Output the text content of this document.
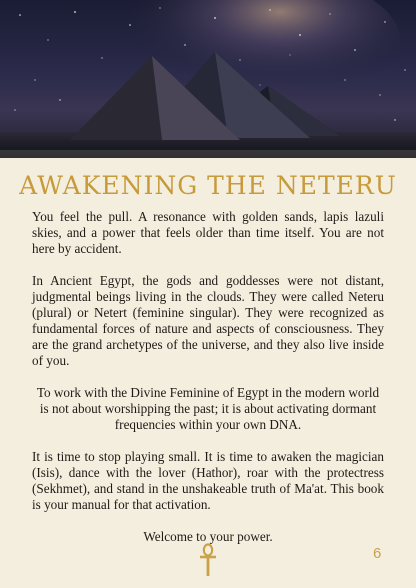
AWAKENING THE NETERU

You feel the pull. A resonance with golden sands, lapis lazuli skies, and a power that feels older than time itself. You are not here by accident.

In Ancient Egypt, the gods and goddesses were not distant, judgmental beings living in the clouds. They were called Neteru (plural) or Netert (feminine singular). They were recognized as fundamental forces of nature and aspects of consciousness. They are the grand archetypes of the universe, and they also live inside of you.

To work with the Divine Feminine of Egypt in the modern world is not about worshipping the past; it is about activating dormant frequencies within your own DNA.

It is time to stop playing small. It is time to awaken the magician (Isis), dance with the lover (Hathor), roar with the protectress (Sekhmet), and stand in the unshakeable truth of Ma'at. This book is your manual for that activation.

Welcome to your power.

6
